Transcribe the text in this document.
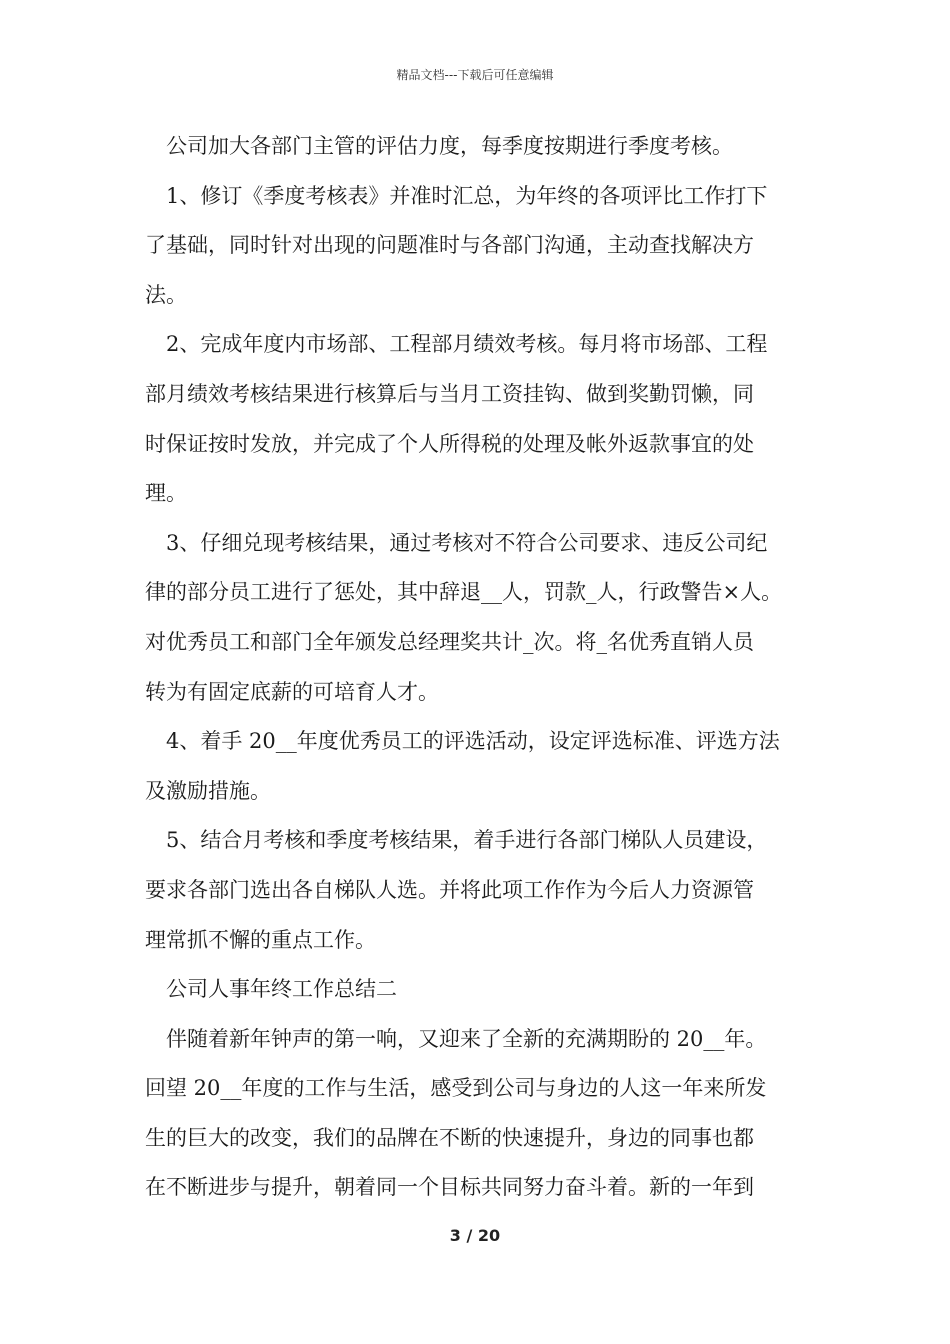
精品文档---下载后可任意编辑
公司加大各部门主管的评估力度，每季度按期进行季度考核。
1、修订《季度考核表》并准时汇总，为年终的各项评比工作打下
了基础，同时针对出现的问题准时与各部门沟通，主动查找解决方
法。
2、完成年度内市场部、工程部月绩效考核。每月将市场部、工程
部月绩效考核结果进行核算后与当月工资挂钩、做到奖勤罚懒，同
时保证按时发放，并完成了个人所得税的处理及帐外返款事宜的处
理。
3、仔细兑现考核结果，通过考核对不符合公司要求、违反公司纪
律的部分员工进行了惩处，其中辞退__人，罚款_人，行政警告×人。
对优秀员工和部门全年颁发总经理奖共计_次。将_名优秀直销人员
转为有固定底薪的可培育人才。
4、着手 20__年度优秀员工的评选活动，设定评选标准、评选方法
及激励措施。
5、结合月考核和季度考核结果，着手进行各部门梯队人员建设，
要求各部门选出各自梯队人选。并将此项工作作为今后人力资源管
理常抓不懈的重点工作。
公司人事年终工作总结二
伴随着新年钟声的第一响，又迎来了全新的充满期盼的 20__年。
回望 20__年度的工作与生活，感受到公司与身边的人这一年来所发
生的巨大的改变，我们的品牌在不断的快速提升，身边的同事也都
在不断进步与提升，朝着同一个目标共同努力奋斗着。新的一年到
3 / 20
